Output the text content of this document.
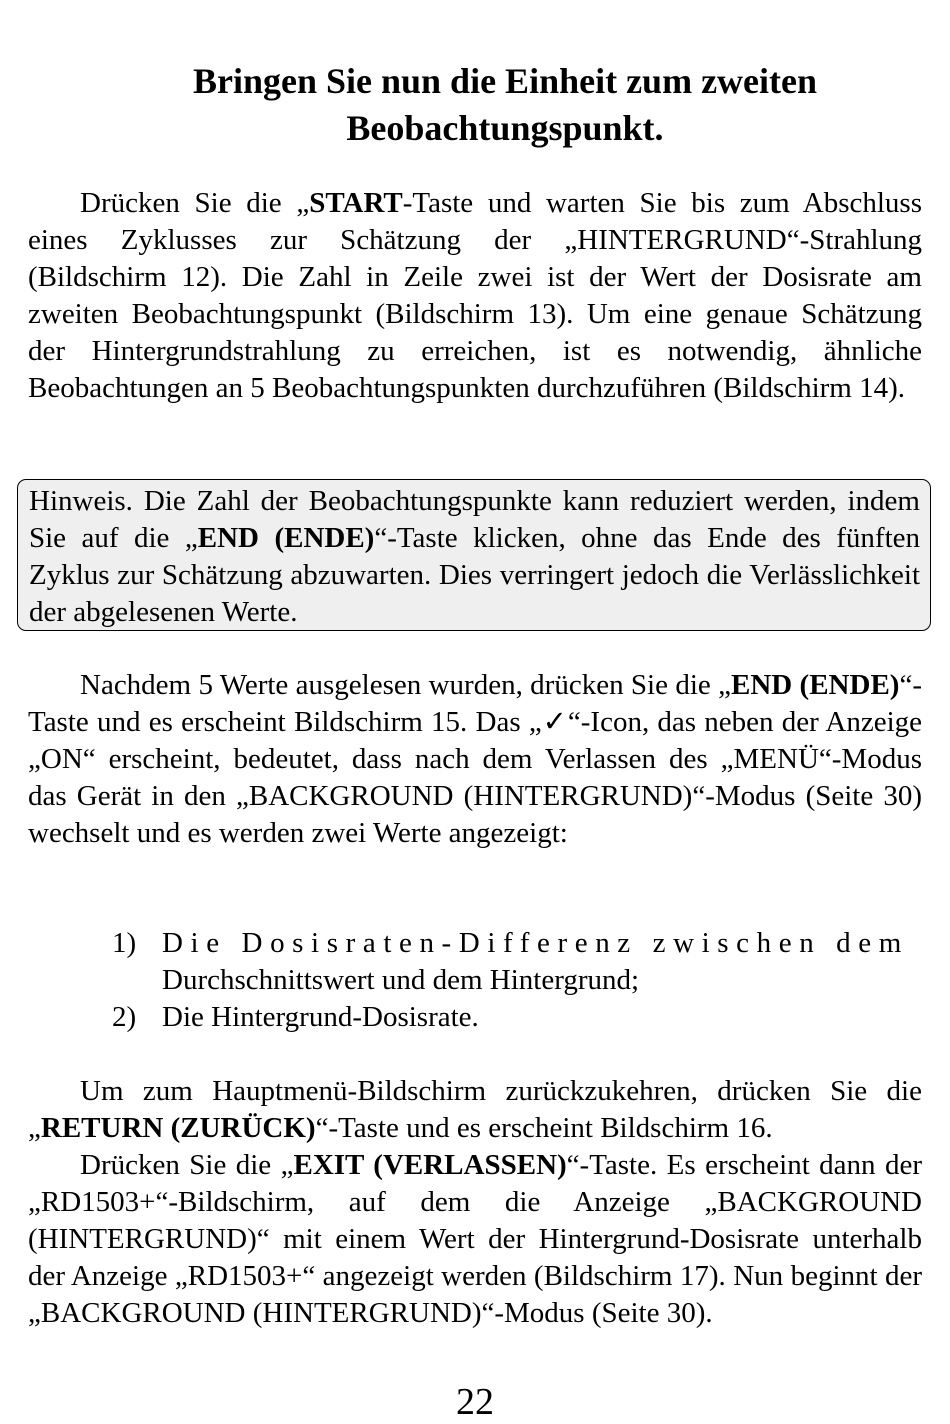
Bringen Sie nun die Einheit zum zweiten
Beobachtungspunkt.

Drücken Sie die „START-Taste und warten Sie bis zum Abschluss eines Zyklusses zur Schätzung der „HINTERGRUND“-Strahlung (Bildschirm 12). Die Zahl in Zeile zwei ist der Wert der Dosisrate am zweiten Beobachtungspunkt (Bildschirm 13). Um eine genaue Schätzung der Hintergrundstrahlung zu erreichen, ist es notwendig, ähnliche Beobachtungen an 5 Beobachtungspunkten durchzuführen (Bildschirm 14).

Hinweis. Die Zahl der Beobachtungspunkte kann reduziert werden, indem Sie auf die „END (ENDE)“-Taste klicken, ohne das Ende des fünften Zyklus zur Schätzung abzuwarten. Dies verringert jedoch die Verlässlichkeit der abgelesenen Werte.

Nachdem 5 Werte ausgelesen wurden, drücken Sie die „END (ENDE)“-Taste und es erscheint Bildschirm 15. Das „✓“-Icon, das neben der Anzeige „ON“ erscheint, bedeutet, dass nach dem Verlassen des „MENÜ“-Modus das Gerät in den „BACKGROUND (HINTERGRUND)“-Modus (Seite 30) wechselt und es werden zwei Werte angezeigt:

1) Die Dosisraten-Differenz zwischen dem
Durchschnittswert und dem Hintergrund;
2) Die Hintergrund-Dosisrate.

Um zum Hauptmenü-Bildschirm zurückzukehren, drücken Sie die „RETURN (ZURÜCK)“-Taste und es erscheint Bildschirm 16.

Drücken Sie die „EXIT (VERLASSEN)“-Taste. Es erscheint dann der „RD1503+“-Bildschirm, auf dem die Anzeige „BACKGROUND (HINTERGRUND)“ mit einem Wert der Hintergrund-Dosisrate unterhalb der Anzeige „RD1503+“ angezeigt werden (Bildschirm 17). Nun beginnt der „BACKGROUND (HINTERGRUND)“-Modus (Seite 30).

22
